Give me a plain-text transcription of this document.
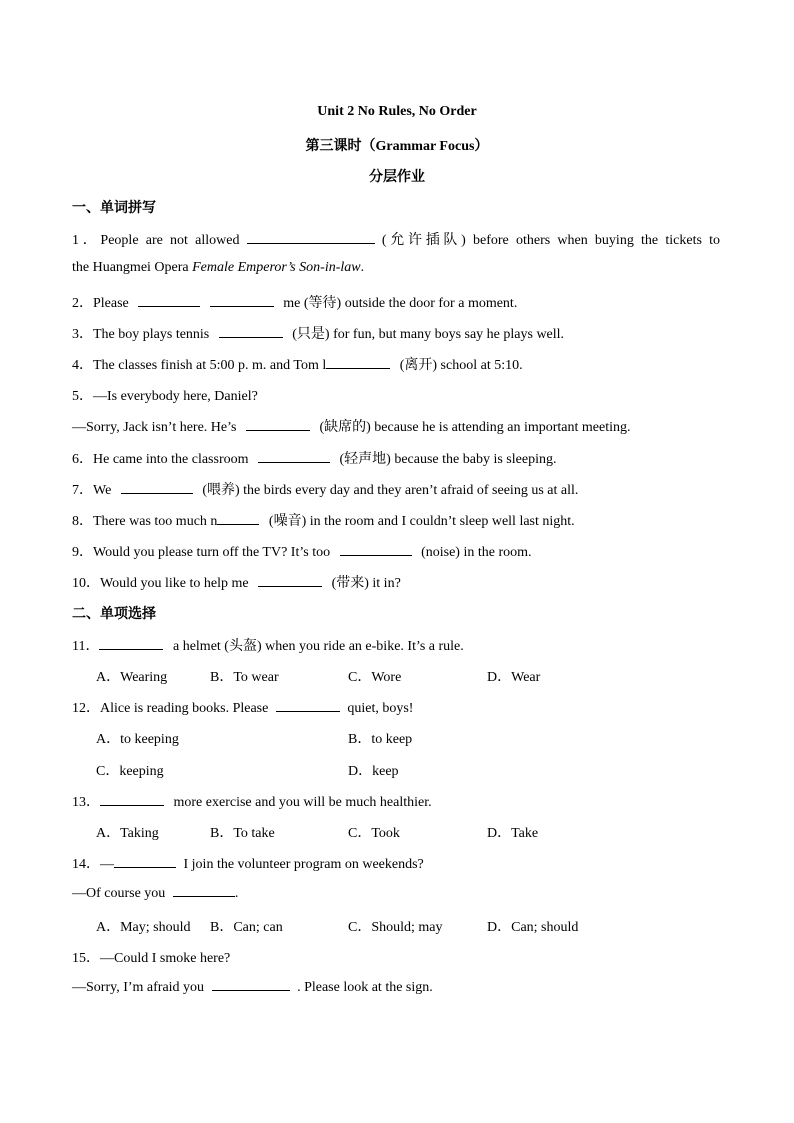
Unit 2 No Rules, No Order
第三课时（Grammar Focus）
分层作业
一、单词拼写
1．People are not allowed	(允许插队) before others when buying the tickets to
the Huangmei Opera Female Emperor’s Son-in-law.
2．Please	me (等待) outside the door for a moment.
3．The boy plays tennis	(只是) for fun, but many boys say he plays well.
4．The classes finish at 5:00 p. m. and Tom l	(离开) school at 5:10.
5．—Is everybody here, Daniel?
—Sorry, Jack isn’t here. He’s	(缺席的) because he is attending an important meeting.
6．He came into the classroom	(轻声地) because the baby is sleeping.
7．We	(喂养) the birds every day and they aren’t afraid of seeing us at all.
8．There was too much n	(噪音) in the room and I couldn’t sleep well last night.
9．Would you please turn off the TV? It’s too	(noise) in the room.
10．Would you like to help me	(带来) it in?
二、单项选择
11．	a helmet (头盔) when you ride an e-bike. It’s a rule.
A．Wearing	B．To wear	C．Wore	D．Wear
12．Alice is reading books. Please	quiet, boys!
A．to keeping	B．to keep
C．keeping	D．keep
13．	more exercise and you will be much healthier.
A．Taking	B．To take	C．Took	D．Take
14．—	I join the volunteer program on weekends?
—Of course you	.
A．May; should B．Can; can	C．Should; may	D．Can; should
15．—Could I smoke here?
—Sorry, I’m afraid you	. Please look at the sign.
